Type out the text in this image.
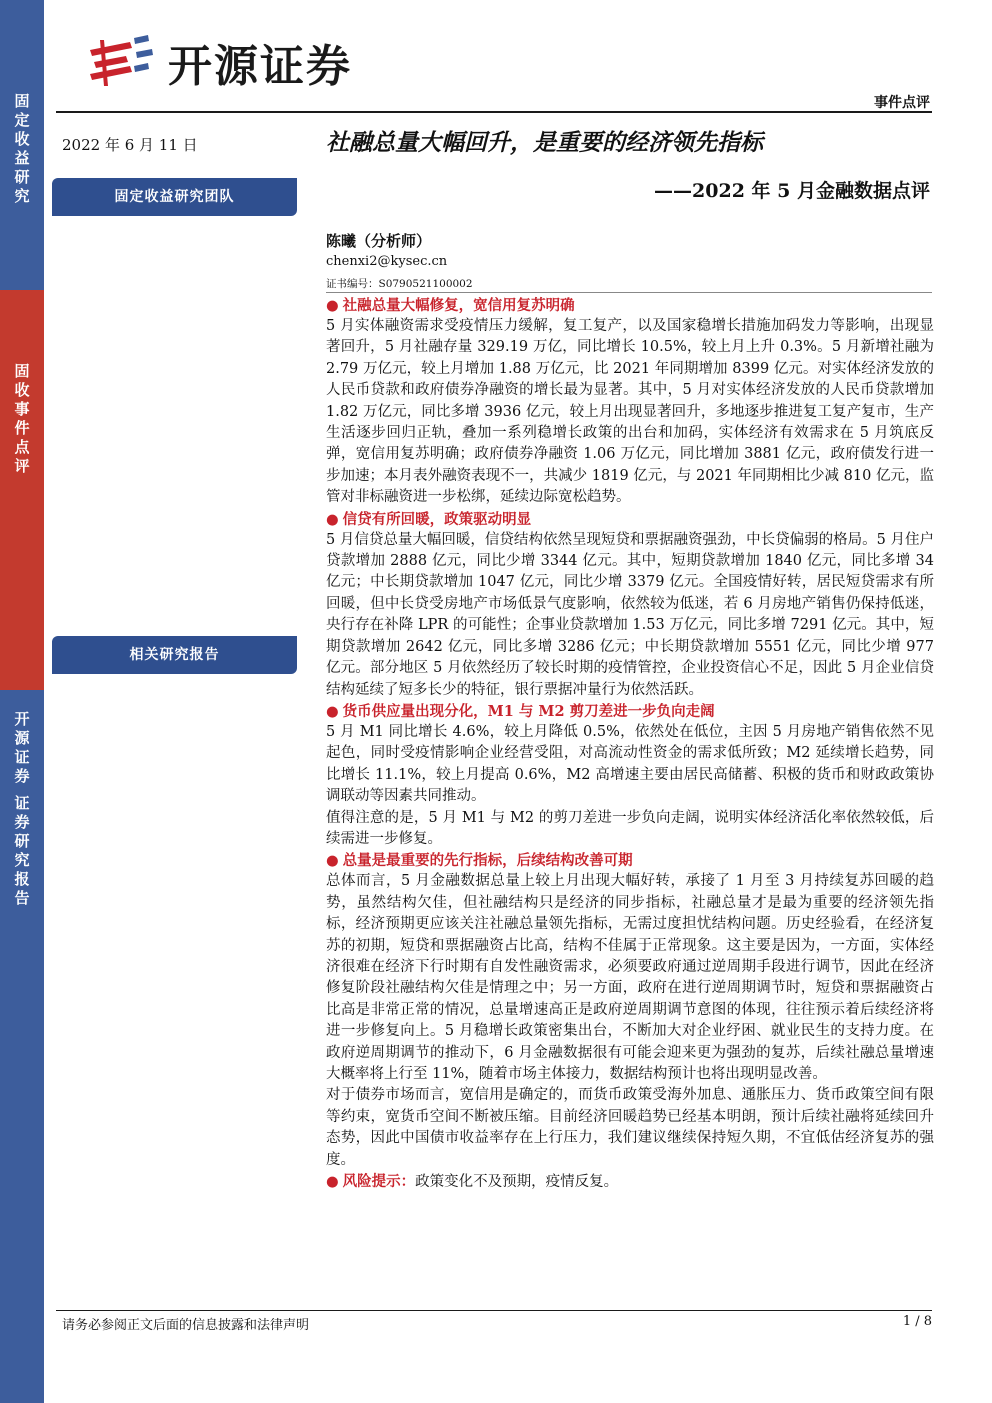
固
定
收
益
研
究
固
收
事
件
点
评
开
源
证
券

证
券
研
究
报
告
开源证券
事件点评
2022 年 6 月 11 日	社融总量大幅回升，是重要的经济领先指标
——2022 年 5 月金融数据点评
固定收益研究团队
相关研究报告
陈曦（分析师）
chenxi2@kysec.cn
证书编号：S0790521100002
● 社融总量大幅修复，宽信用复苏明确
5 月实体融资需求受疫情压力缓解，复工复产，以及国家稳增长措施加码发力等影响，出现显著回升，5 月社融存量 329.19 万亿，同比增长 10.5%，较上月上升 0.3%。5 月新增社融为 2.79 万亿元，较上月增加 1.88 万亿元，比 2021 年同期增加 8399 亿元。对实体经济发放的人民币贷款和政府债券净融资的增长最为显著。其中，5 月对实体经济发放的人民币贷款增加 1.82 万亿元，同比多增 3936 亿元，较上月出现显著回升，多地逐步推进复工复产复市，生产生活逐步回归正轨，叠加一系列稳增长政策的出台和加码，实体经济有效需求在 5 月筑底反弹，宽信用复苏明确；政府债券净融资 1.06 万亿元，同比增加 3881 亿元，政府债发行进一步加速；本月表外融资表现不一，共减少 1819 亿元，与 2021 年同期相比少减 810 亿元，监管对非标融资进一步松绑，延续边际宽松趋势。
● 信贷有所回暖，政策驱动明显
5 月信贷总量大幅回暖，信贷结构依然呈现短贷和票据融资强劲，中长贷偏弱的格局。5 月住户贷款增加 2888 亿元，同比少增 3344 亿元。其中，短期贷款增加 1840 亿元，同比多增 34 亿元；中长期贷款增加 1047 亿元，同比少增 3379 亿元。全国疫情好转，居民短贷需求有所回暖，但中长贷受房地产市场低景气度影响，依然较为低迷，若 6 月房地产销售仍保持低迷，央行存在补降 LPR 的可能性；企事业贷款增加 1.53 万亿元，同比多增 7291 亿元。其中，短期贷款增加 2642 亿元，同比多增 3286 亿元；中长期贷款增加 5551 亿元，同比少增 977 亿元。部分地区 5 月依然经历了较长时期的疫情管控，企业投资信心不足，因此 5 月企业信贷结构延续了短多长少的特征，银行票据冲量行为依然活跃。
● 货币供应量出现分化，M1 与 M2 剪刀差进一步负向走阔
5 月 M1 同比增长 4.6%，较上月降低 0.5%，依然处在低位，主因 5 月房地产销售依然不见起色，同时受疫情影响企业经营受阻，对高流动性资金的需求低所致；M2 延续增长趋势，同比增长 11.1%，较上月提高 0.6%，M2 高增速主要由居民高储蓄、积极的货币和财政政策协调联动等因素共同推动。
值得注意的是，5 月 M1 与 M2 的剪刀差进一步负向走阔，说明实体经济活化率依然较低，后续需进一步修复。
● 总量是最重要的先行指标，后续结构改善可期
总体而言，5 月金融数据总量上较上月出现大幅好转，承接了 1 月至 3 月持续复苏回暖的趋势，虽然结构欠佳，但社融结构只是经济的同步指标，社融总量才是最为重要的经济领先指标，经济预期更应该关注社融总量领先指标，无需过度担忧结构问题。历史经验看，在经济复苏的初期，短贷和票据融资占比高，结构不佳属于正常现象。这主要是因为，一方面，实体经济很难在经济下行时期有自发性融资需求，必须要政府通过逆周期手段进行调节，因此在经济修复阶段社融结构欠佳是情理之中；另一方面，政府在进行逆周期调节时，短贷和票据融资占比高是非常正常的情况，总量增速高正是政府逆周期调节意图的体现，往往预示着后续经济将进一步修复向上。5 月稳增长政策密集出台，不断加大对企业纾困、就业民生的支持力度。在政府逆周期调节的推动下，6 月金融数据很有可能会迎来更为强劲的复苏，后续社融总量增速大概率将上行至 11%，随着市场主体接力，数据结构预计也将出现明显改善。
对于债券市场而言，宽信用是确定的，而货币政策受海外加息、通胀压力、货币政策空间有限等约束，宽货币空间不断被压缩。目前经济回暖趋势已经基本明朗，预计后续社融将延续回升态势，因此中国债市收益率存在上行压力，我们建议继续保持短久期，不宜低估经济复苏的强度。
● 风险提示：政策变化不及预期，疫情反复。
请务必参阅正文后面的信息披露和法律声明	1 / 8
